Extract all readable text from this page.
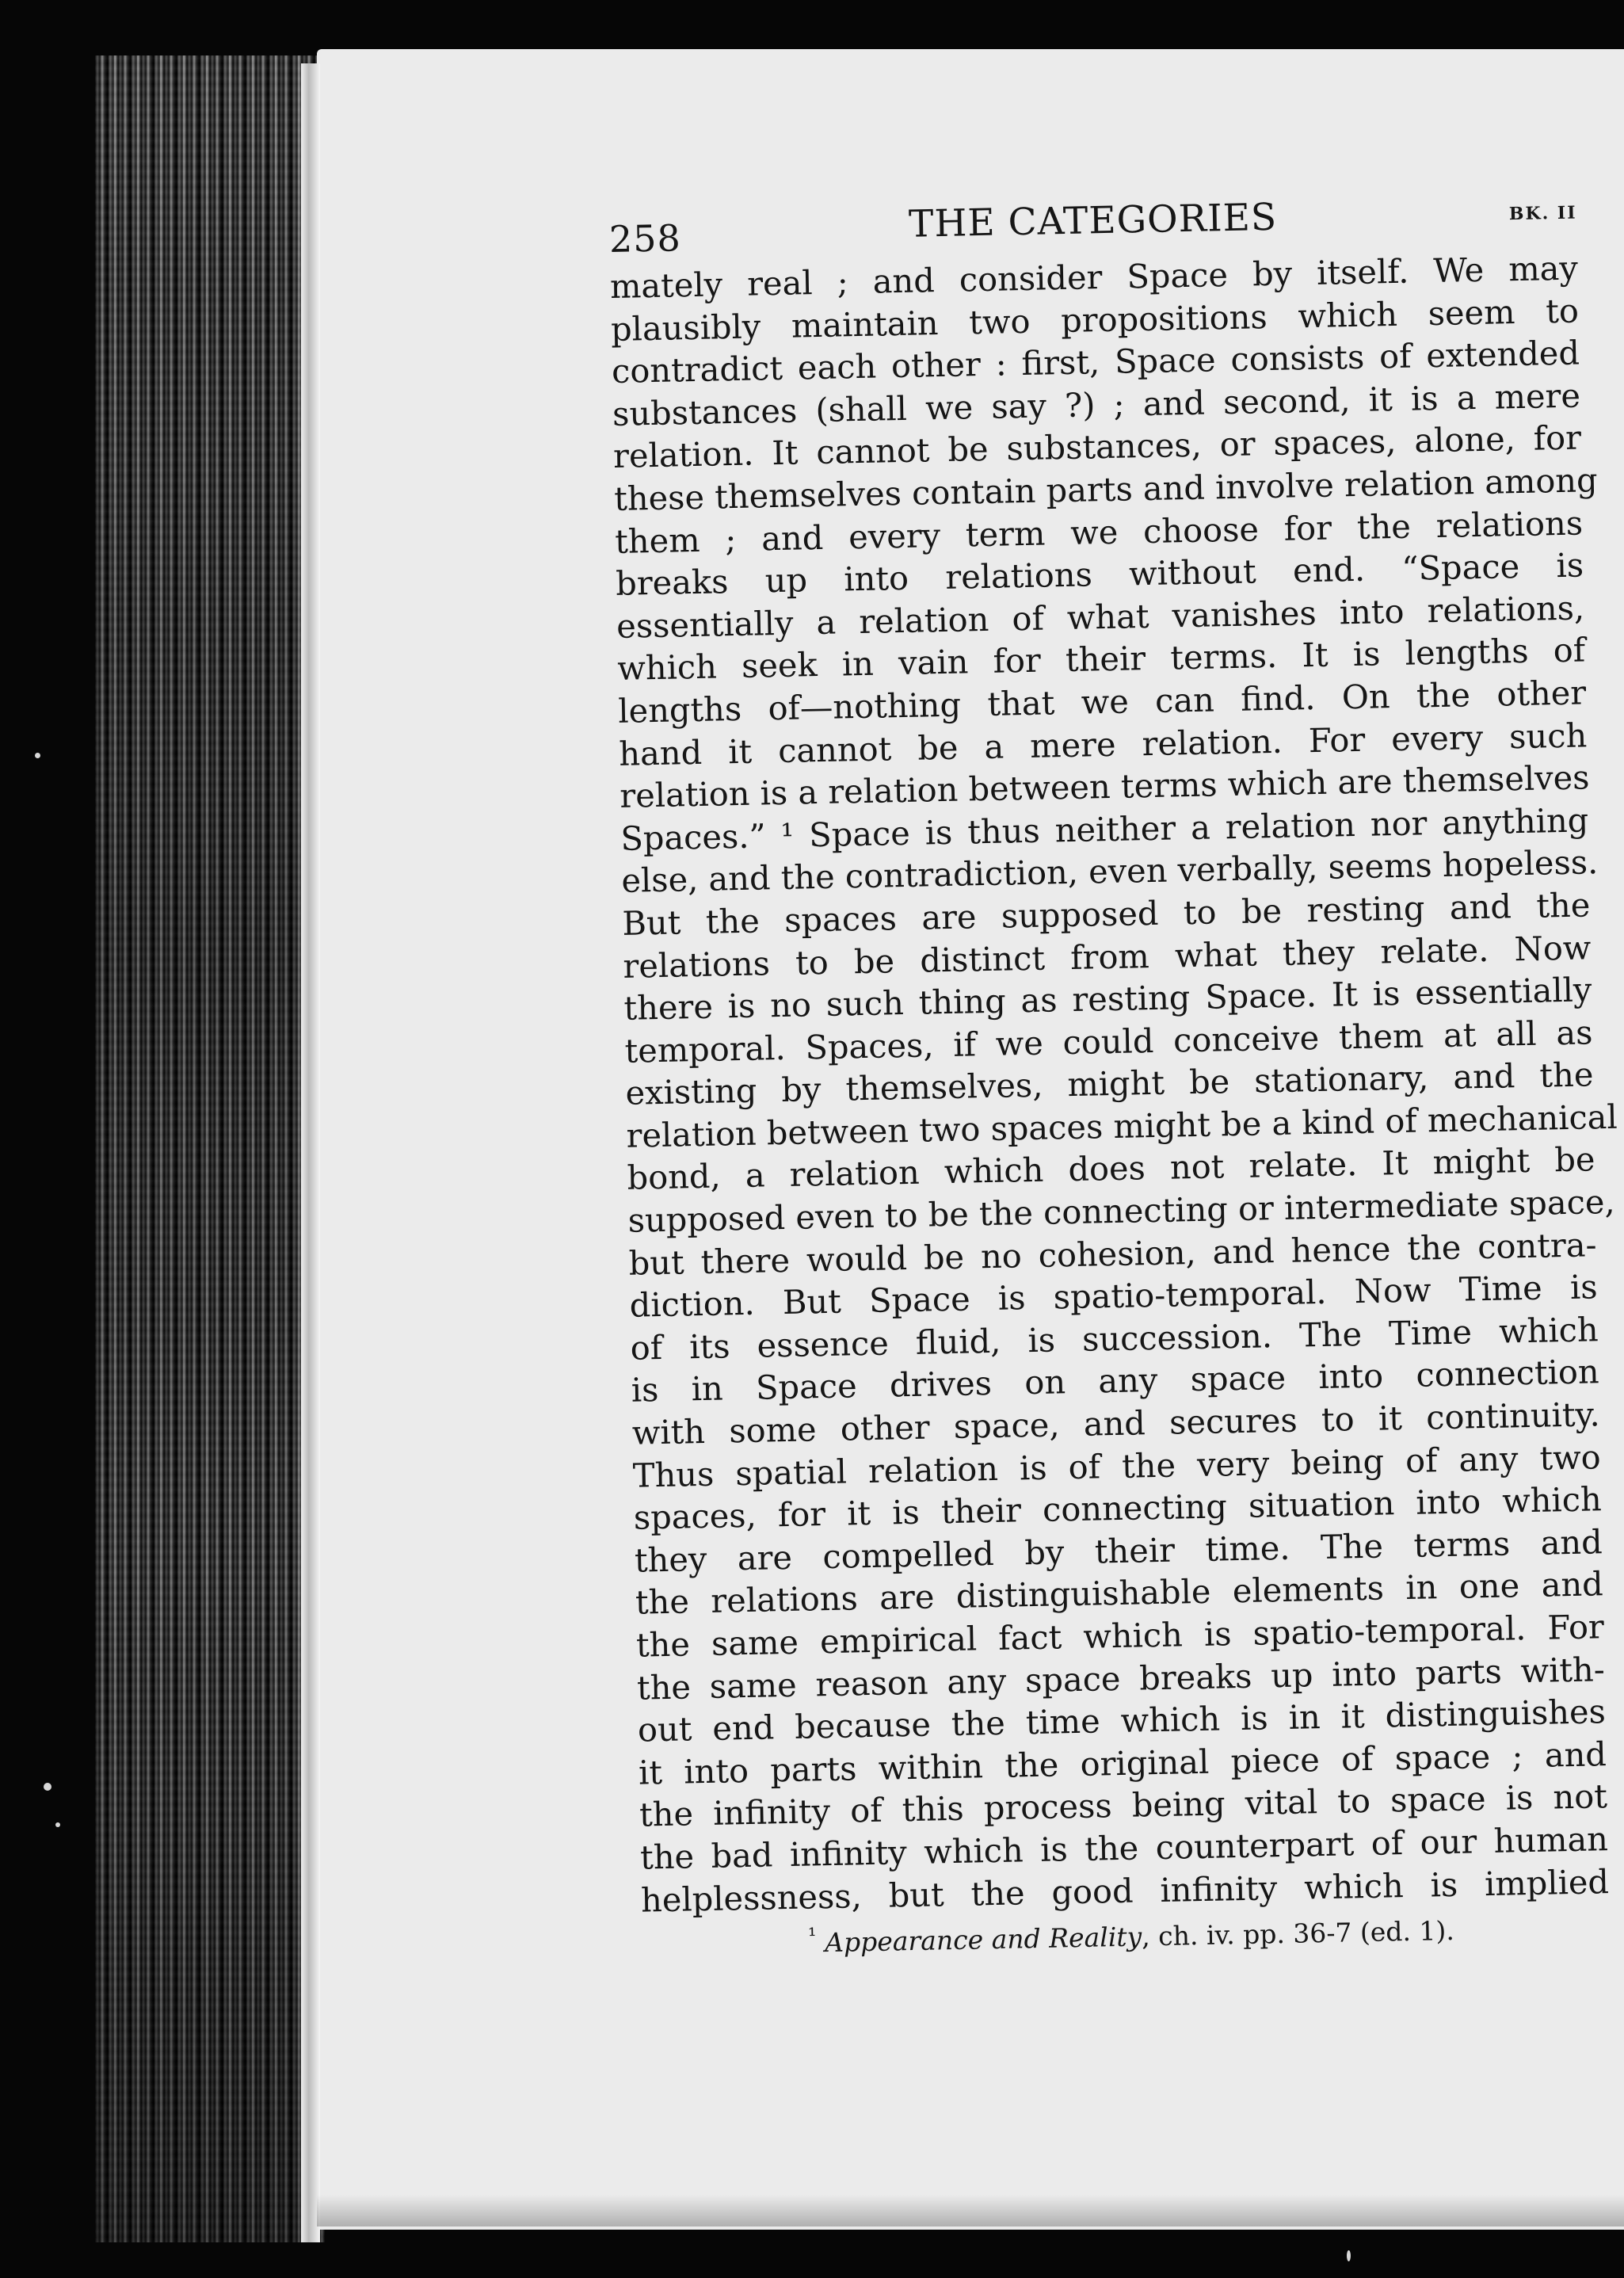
258	THE CATEGORIES	BK. II
mately real ; and consider Space by itself. We may
plausibly maintain two propositions which seem to
contradict each other : first, Space consists of extended
substances (shall we say ?) ; and second, it is a mere
relation. It cannot be substances, or spaces, alone, for
these themselves contain parts and involve relation among
them ; and every term we choose for the relations
breaks up into relations without end. “Space is
essentially a relation of what vanishes into relations,
which seek in vain for their terms. It is lengths of
lengths of—nothing that we can find. On the other
hand it cannot be a mere relation. For every such
relation is a relation between terms which are themselves
Spaces.” ¹ Space is thus neither a relation nor anything
else, and the contradiction, even verbally, seems hopeless.
But the spaces are supposed to be resting and the
relations to be distinct from what they relate. Now
there is no such thing as resting Space. It is essentially
temporal. Spaces, if we could conceive them at all as
existing by themselves, might be stationary, and the
relation between two spaces might be a kind of mechanical
bond, a relation which does not relate. It might be
supposed even to be the connecting or intermediate space,
but there would be no cohesion, and hence the contra-
diction. But Space is spatio-temporal. Now Time is
of its essence fluid, is succession. The Time which
is in Space drives on any space into connection
with some other space, and secures to it continuity.
Thus spatial relation is of the very being of any two
spaces, for it is their connecting situation into which
they are compelled by their time. The terms and
the relations are distinguishable elements in one and
the same empirical fact which is spatio-temporal. For
the same reason any space breaks up into parts with-
out end because the time which is in it distinguishes
it into parts within the original piece of space ; and
the infinity of this process being vital to space is not
the bad infinity which is the counterpart of our human
helplessness, but the good infinity which is implied
$^{^1}$ Appearance and Reality, ch. iv. pp. 36-7 (ed. 1).
